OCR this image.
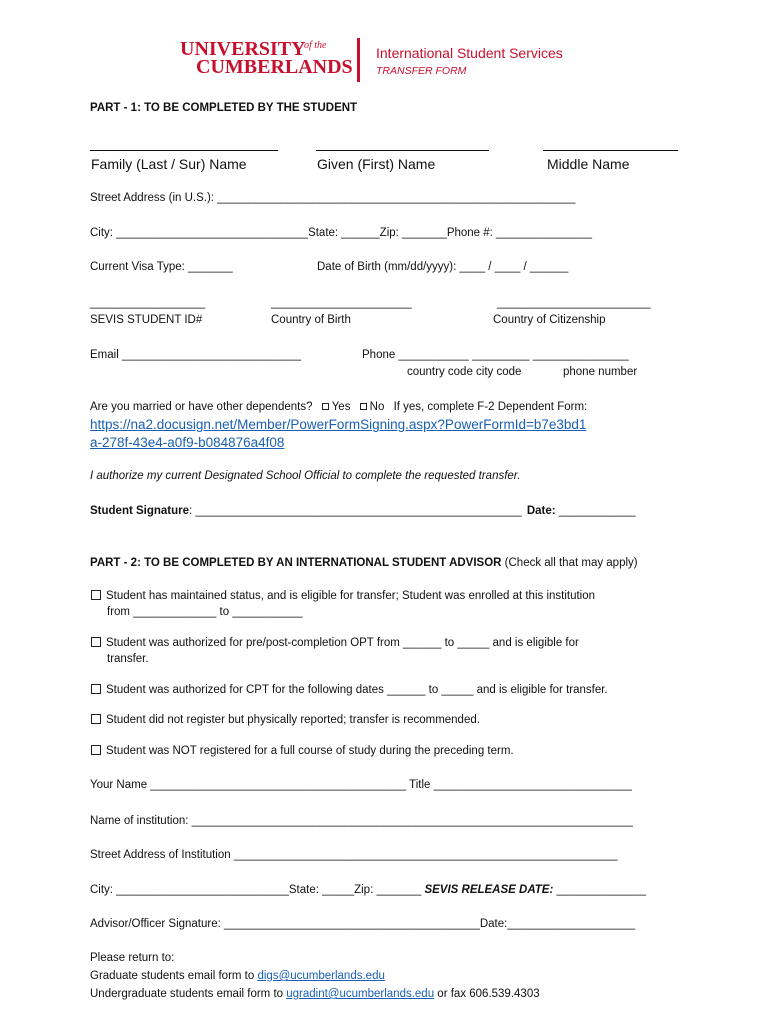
UNIVERSITY
of the
CUMBERLANDS
International Student Services
TRANSFER FORM
PART - 1: TO BE COMPLETED BY THE STUDENT
Family (Last / Sur) Name	Given (First) Name	Middle Name
Street Address (in U.S.): ________________________________________________________
City: ______________________________State: ______Zip: _______Phone #: _______________
Current Visa Type: _______	Date of Birth (mm/dd/yyyy): ____ / ____ / ______
__________________	______________________	________________________
SEVIS STUDENT ID#	Country of Birth	Country of Citizenship
Email ____________________________	Phone ___________ _________ _______________
country code city code	phone number
Are you married or have other dependents? Yes No If yes, complete F-2 Dependent Form:
https://na2.docusign.net/Member/PowerFormSigning.aspx?PowerFormId=b7e3bd1
a-278f-43e4-a0f9-b084876a4f08
I authorize my current Designated School Official to complete the requested transfer.
Student Signature: ___________________________________________________ Date: ____________
PART - 2: TO BE COMPLETED BY AN INTERNATIONAL STUDENT ADVISOR (Check all that may apply)
Student has maintained status, and is eligible for transfer; Student was enrolled at this institution
from _____________ to ___________
Student was authorized for pre/post-completion OPT from ______ to _____ and is eligible for
transfer.
Student was authorized for CPT for the following dates ______ to _____ and is eligible for transfer.
Student did not register but physically reported; transfer is recommended.
Student was NOT registered for a full course of study during the preceding term.
Your Name ________________________________________ Title _______________________________
Name of institution: _____________________________________________________________________
Street Address of Institution ____________________________________________________________
City: ___________________________State: _____Zip: _______ SEVIS RELEASE DATE: ______________
Advisor/Officer Signature: ________________________________________Date:____________________
Please return to:
Graduate students email form to digs@ucumberlands.edu
Undergraduate students email form to ugradint@ucumberlands.edu or fax 606.539.4303
